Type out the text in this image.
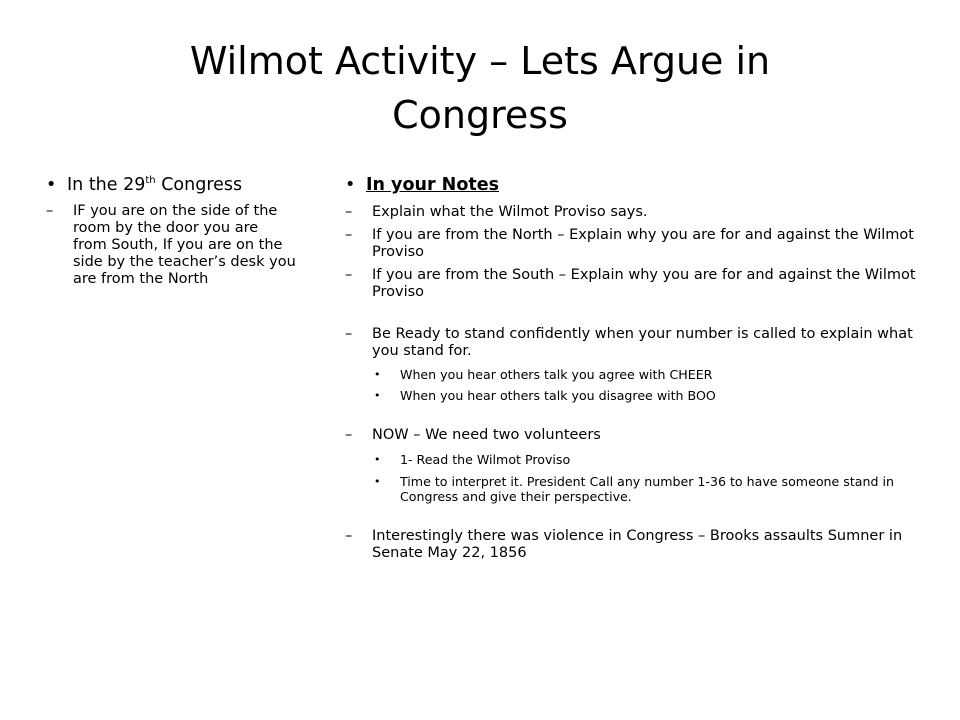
Wilmot Activity – Lets Argue in Congress
• In the 29th Congress
– IF you are on the side of the room by the door you are from South, If you are on the side by the teacher’s desk you are from the North
• In your Notes
– Explain what the Wilmot Proviso says.
– If you are from the North – Explain why you are for and against the Wilmot Proviso
– If you are from the South – Explain why you are for and against the Wilmot Proviso
– Be Ready to stand confidently when your number is called to explain what you stand for.
• When you hear others talk you agree with CHEER
• When you hear others talk you disagree with BOO
– NOW – We need two volunteers
• 1- Read the Wilmot Proviso
• Time to interpret it. President Call any number 1-36 to have someone stand in Congress and give their perspective.
– Interestingly there was violence in Congress – Brooks assaults Sumner in Senate May 22, 1856
